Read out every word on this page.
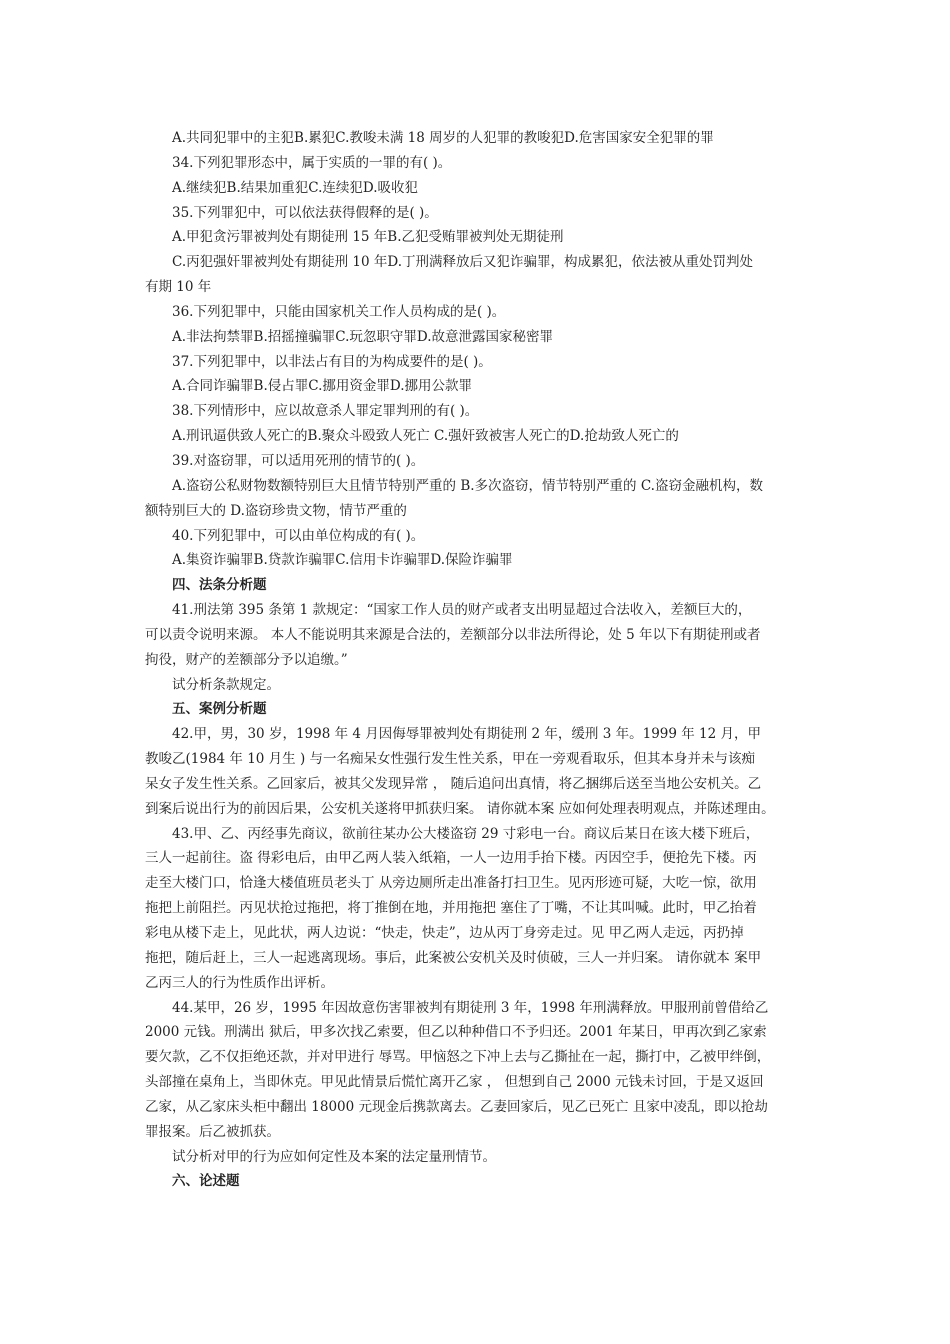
A.共同犯罪中的主犯B.累犯C.教唆未满 18 周岁的人犯罪的教唆犯D.危害国家安全犯罪的罪

34.下列犯罪形态中，属于实质的一罪的有( )。

A.继续犯B.结果加重犯C.连续犯D.吸收犯

35.下列罪犯中，可以依法获得假释的是( )。

A.甲犯贪污罪被判处有期徒刑 15 年B.乙犯受贿罪被判处无期徒刑

C.丙犯强奸罪被判处有期徒刑 10 年D.丁刑满释放后又犯诈骗罪，构成累犯，依法被从重处罚判处

有期 10 年

36.下列犯罪中，只能由国家机关工作人员构成的是( )。

A.非法拘禁罪B.招摇撞骗罪C.玩忽职守罪D.故意泄露国家秘密罪

37.下列犯罪中，以非法占有目的为构成要件的是( )。

A.合同诈骗罪B.侵占罪C.挪用资金罪D.挪用公款罪

38.下列情形中，应以故意杀人罪定罪判刑的有( )。

A.刑讯逼供致人死亡的B.聚众斗殴致人死亡 C.强奸致被害人死亡的D.抢劫致人死亡的

39.对盗窃罪，可以适用死刑的情节的( )。

A.盗窃公私财物数额特别巨大且情节特别严重的 B.多次盗窃，情节特别严重的 C.盗窃金融机构，数

额特别巨大的 D.盗窃珍贵文物，情节严重的

40.下列犯罪中，可以由单位构成的有( )。

A.集资诈骗罪B.贷款诈骗罪C.信用卡诈骗罪D.保险诈骗罪

四、法条分析题

41.刑法第 395 条第 1 款规定：“国家工作人员的财产或者支出明显超过合法收入，差额巨大的，

可以责令说明来源。 本人不能说明其来源是合法的，差额部分以非法所得论，处 5 年以下有期徒刑或者

拘役，财产的差额部分予以追缴。”

试分析条款规定。

五、案例分析题

42.甲，男，30 岁，1998 年 4 月因侮辱罪被判处有期徒刑 2 年，缓刑 3 年。1999 年 12 月，甲

教唆乙(1984 年 10 月生 ) 与一名痴呆女性强行发生性关系，甲在一旁观看取乐，但其本身并未与该痴

呆女子发生性关系。乙回家后，被其父发现异常 ， 随后追问出真情，将乙捆绑后送至当地公安机关。乙

到案后说出行为的前因后果，公安机关遂将甲抓获归案。 请你就本案 应如何处理表明观点，并陈述理由。

43.甲、乙、丙经事先商议，欲前往某办公大楼盗窃 29 寸彩电一台。商议后某日在该大楼下班后，

三人一起前往。盗 得彩电后，由甲乙两人装入纸箱，一人一边用手抬下楼。丙因空手，便抢先下楼。丙

走至大楼门口，恰逢大楼值班员老头丁 从旁边厕所走出准备打扫卫生。见丙形迹可疑，大吃一惊，欲用

拖把上前阻拦。丙见状抢过拖把，将丁推倒在地，并用拖把 塞住了丁嘴，不让其叫喊。此时，甲乙抬着

彩电从楼下走上，见此状，两人边说：“快走，快走”，边从丙丁身旁走过。见 甲乙两人走远，丙扔掉

拖把，随后赶上，三人一起逃离现场。事后，此案被公安机关及时侦破，三人一并归案。 请你就本 案甲

乙丙三人的行为性质作出评析。

44.某甲，26 岁，1995 年因故意伤害罪被判有期徒刑 3 年，1998 年刑满释放。甲服刑前曾借给乙

2000 元钱。刑满出 狱后，甲多次找乙索要，但乙以种种借口不予归还。2001 年某日，甲再次到乙家索

要欠款，乙不仅拒绝还款，并对甲进行 辱骂。甲恼怒之下冲上去与乙撕扯在一起，撕打中，乙被甲绊倒，

头部撞在桌角上，当即休克。甲见此情景后慌忙离开乙家 ， 但想到自己 2000 元钱未讨回，于是又返回

乙家，从乙家床头柜中翻出 18000 元现金后携款离去。乙妻回家后，见乙已死亡 且家中凌乱，即以抢劫

罪报案。后乙被抓获。

试分析对甲的行为应如何定性及本案的法定量刑情节。

六、论述题
